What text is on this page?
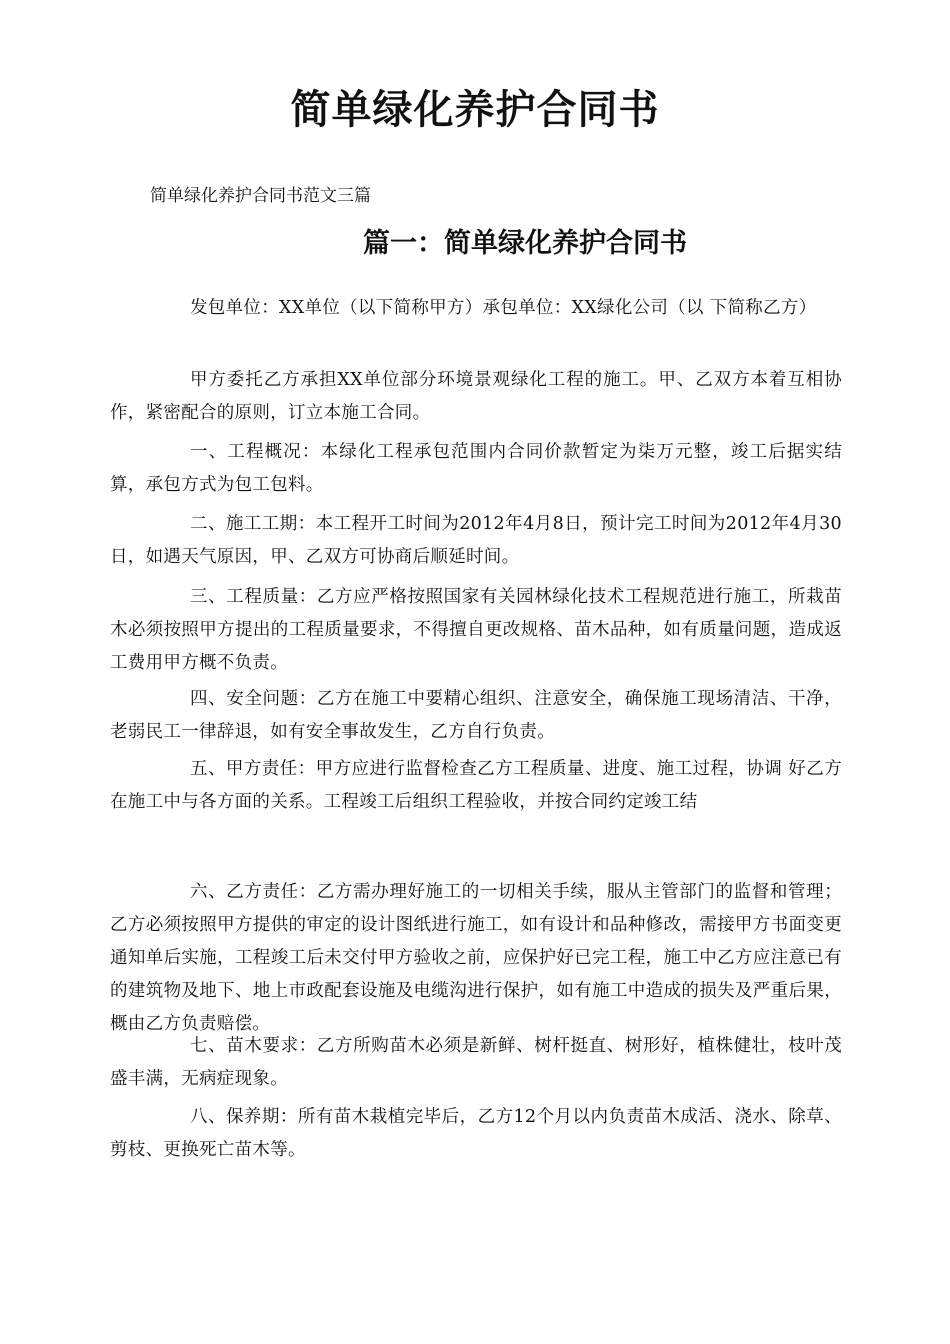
简单绿化养护合同书
简单绿化养护合同书范文三篇
篇一：简单绿化养护合同书

发包单位：XX单位（以下简称甲方）承包单位：XX绿化公司（以 下简称乙方）

甲方委托乙方承担XX单位部分环境景观绿化工程的施工。甲、乙双方本着互相协作，紧密配合的原则，订立本施工合同。

一、工程概况：本绿化工程承包范围内合同价款暂定为柒万元整，竣工后据实结算，承包方式为包工包料。

二、施工工期：本工程开工时间为2012年4月8日，预计完工时间为2012年4月30日，如遇天气原因，甲、乙双方可协商后顺延时间。

三、工程质量：乙方应严格按照国家有关园林绿化技术工程规范进行施工，所栽苗木必须按照甲方提出的工程质量要求，不得擅自更改规格、苗木品种，如有质量问题，造成返工费用甲方概不负责。

四、安全问题：乙方在施工中要精心组织、注意安全，确保施工现场清洁、干净，老弱民工一律辞退，如有安全事故发生，乙方自行负责。

五、甲方责任：甲方应进行监督检查乙方工程质量、进度、施工过程，协调 好乙方在施工中与各方面的关系。工程竣工后组织工程验收，并按合同约定竣工结

六、乙方责任：乙方需办理好施工的一切相关手续，服从主管部门的监督和管理；乙方必须按照甲方提供的审定的设计图纸进行施工，如有设计和品种修改，需接甲方书面变更通知单后实施，工程竣工后未交付甲方验收之前，应保护好已完工程，施工中乙方应注意已有的建筑物及地下、地上市政配套设施及电缆沟进行保护，如有施工中造成的损失及严重后果，概由乙方负责赔偿。

七、苗木要求：乙方所购苗木必须是新鲜、树杆挺直、树形好，植株健壮，枝叶茂盛丰满，无病症现象。

八、保养期：所有苗木栽植完毕后，乙方12个月以内负责苗木成活、浇水、除草、剪枝、更换死亡苗木等。
